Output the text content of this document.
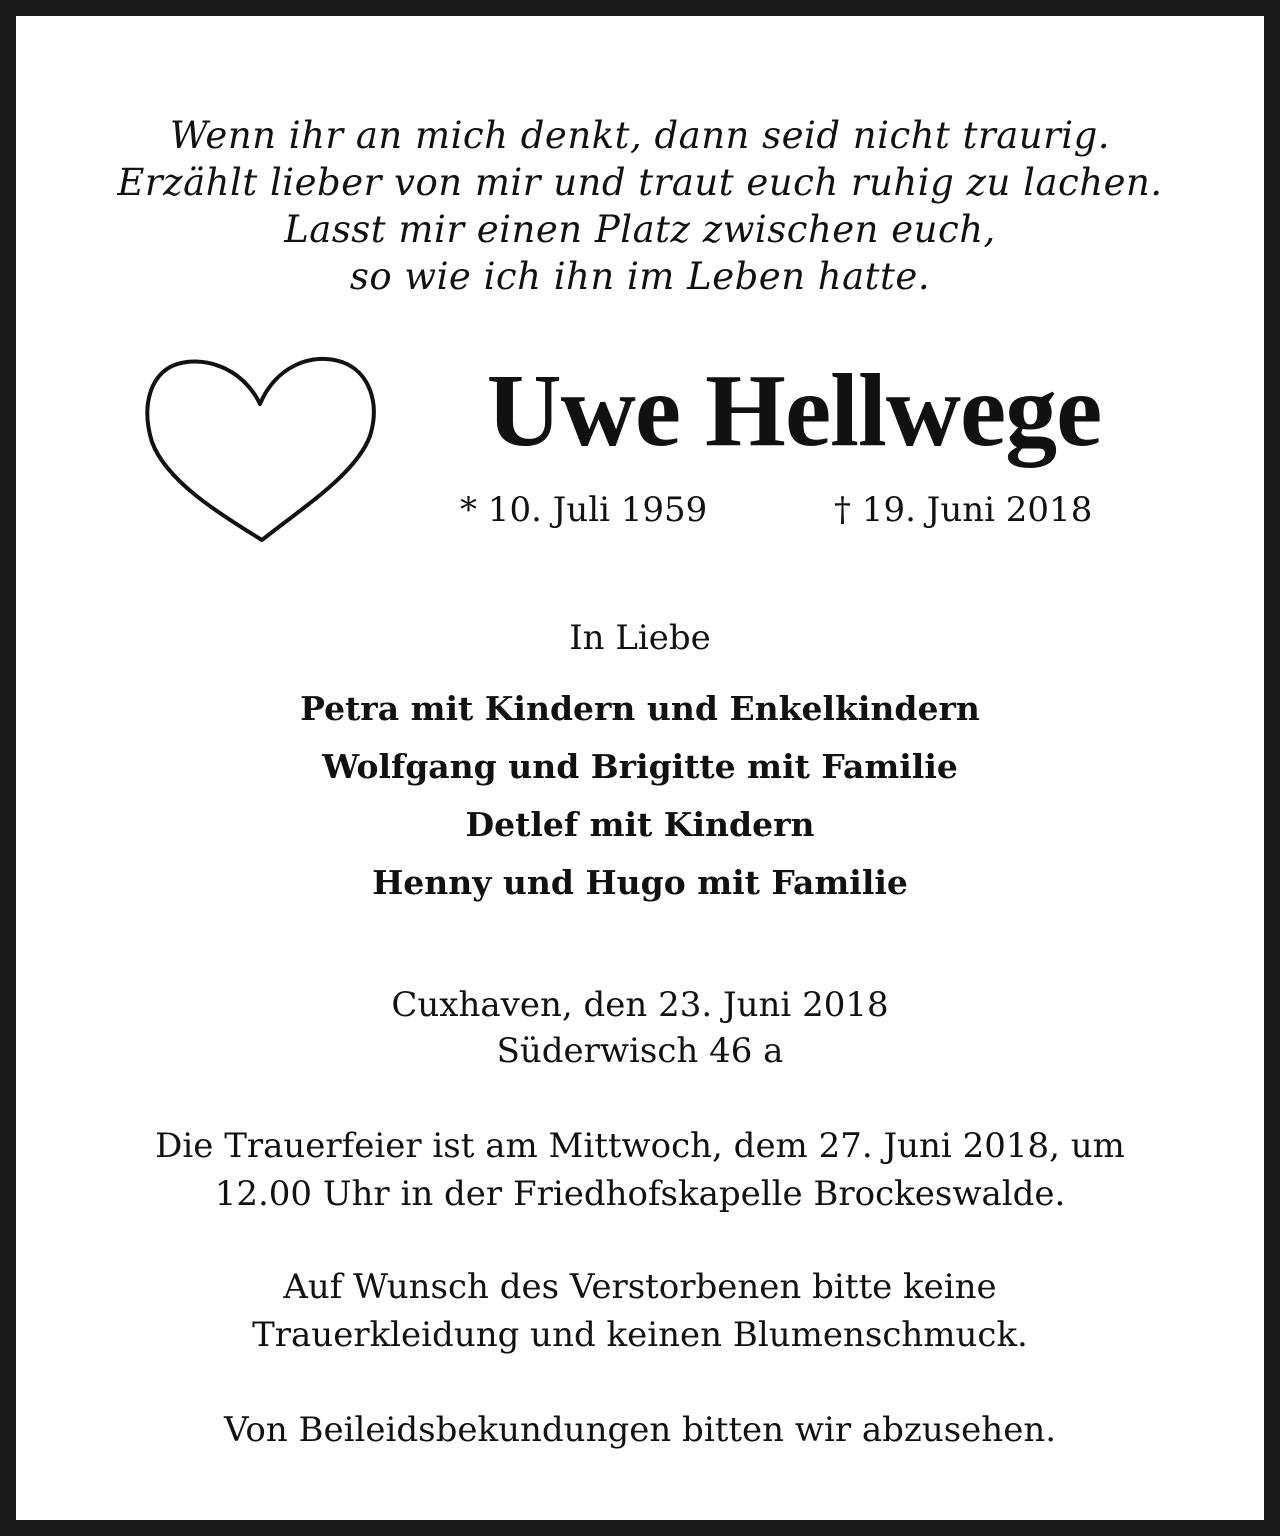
Wenn ihr an mich denkt, dann seid nicht traurig.
Erzählt lieber von mir und traut euch ruhig zu lachen.
Lasst mir einen Platz zwischen euch,
so wie ich ihn im Leben hatte.
Uwe Hellwege
* 10. Juli 1959	† 19. Juni 2018
In Liebe
Petra mit Kindern und Enkelkindern
Wolfgang und Brigitte mit Familie
Detlef mit Kindern
Henny und Hugo mit Familie
Cuxhaven, den 23. Juni 2018
Süderwisch 46 a
Die Trauerfeier ist am Mittwoch, dem 27. Juni 2018, um
12.00 Uhr in der Friedhofskapelle Brockeswalde.
Auf Wunsch des Verstorbenen bitte keine
Trauerkleidung und keinen Blumenschmuck.
Von Beileidsbekundungen bitten wir abzusehen.
